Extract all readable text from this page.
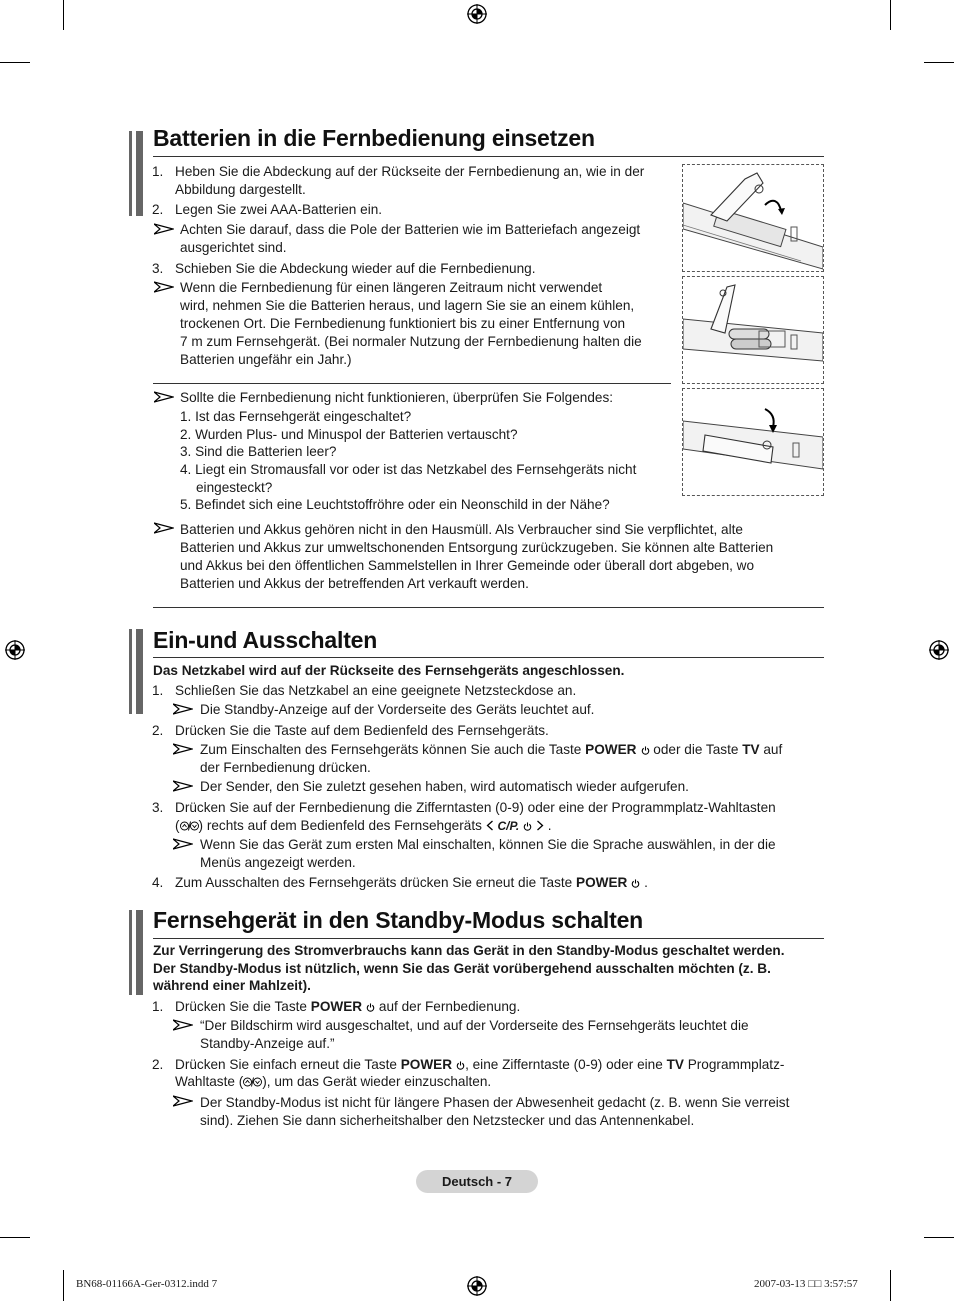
Batterien in die Fernbedienung einsetzen
1. Heben Sie die Abdeckung auf der Rückseite der Fernbedienung an, wie in der
Abbildung dargestellt.
2. Legen Sie zwei AAA-Batterien ein.
Achten Sie darauf, dass die Pole der Batterien wie im Batteriefach angezeigt
ausgerichtet sind.
3. Schieben Sie die Abdeckung wieder auf die Fernbedienung.
Wenn die Fernbedienung für einen längeren Zeitraum nicht verwendet
wird, nehmen Sie die Batterien heraus, und lagern Sie sie an einem kühlen,
trockenen Ort. Die Fernbedienung funktioniert bis zu einer Entfernung von
7 m zum Fernsehgerät. (Bei normaler Nutzung der Fernbedienung halten die
Batterien ungefähr ein Jahr.)
Sollte die Fernbedienung nicht funktionieren, überprüfen Sie Folgendes:
1. Ist das Fernsehgerät eingeschaltet?
2. Wurden Plus- und Minuspol der Batterien vertauscht?
3. Sind die Batterien leer?
4. Liegt ein Stromausfall vor oder ist das Netzkabel des Fernsehgeräts nicht
eingesteckt?
5. Befindet sich eine Leuchtstoffröhre oder ein Neonschild in der Nähe?
Batterien und Akkus gehören nicht in den Hausmüll. Als Verbraucher sind Sie verpflichtet, alte
Batterien und Akkus zur umweltschonenden Entsorgung zurückzugeben. Sie können alte Batterien
und Akkus bei den öffentlichen Sammelstellen in Ihrer Gemeinde oder überall dort abgeben, wo
Batterien und Akkus der betreffenden Art verkauft werden.
Ein-und Ausschalten
Das Netzkabel wird auf der Rückseite des Fernsehgeräts angeschlossen.
1. Schließen Sie das Netzkabel an eine geeignete Netzsteckdose an.
Die Standby-Anzeige auf der Vorderseite des Geräts leuchtet auf.
2. Drücken Sie die Taste auf dem Bedienfeld des Fernsehgeräts.
Zum Einschalten des Fernsehgeräts können Sie auch die Taste POWER oder die Taste TV auf
der Fernbedienung drücken.
Der Sender, den Sie zuletzt gesehen haben, wird automatisch wieder aufgerufen.
3. Drücken Sie auf der Fernbedienung die Zifferntasten (0-9) oder eine der Programmplatz-Wahltasten
( ) rechts auf dem Bedienfeld des Fernsehgeräts C/P.  .
Wenn Sie das Gerät zum ersten Mal einschalten, können Sie die Sprache auswählen, in der die
Menüs angezeigt werden.
4. Zum Ausschalten des Fernsehgeräts drücken Sie erneut die Taste POWER .
Fernsehgerät in den Standby-Modus schalten
Zur Verringerung des Stromverbrauchs kann das Gerät in den Standby-Modus geschaltet werden.
Der Standby-Modus ist nützlich, wenn Sie das Gerät vorübergehend ausschalten möchten (z. B.
während einer Mahlzeit).
1. Drücken Sie die Taste POWER auf der Fernbedienung.
“Der Bildschirm wird ausgeschaltet, und auf der Vorderseite des Fernsehgeräts leuchtet die
Standby-Anzeige auf.”
2. Drücken Sie einfach erneut die Taste POWER , eine Zifferntaste (0-9) oder eine TV Programmplatz-
Wahltaste ( ), um das Gerät wieder einzuschalten.
Der Standby-Modus ist nicht für längere Phasen der Abwesenheit gedacht (z. B. wenn Sie verreist
sind). Ziehen Sie dann sicherheitshalber den Netzstecker und das Antennenkabel.
Deutsch - 7
BN68-01166A-Ger-0312.indd 7	2007-03-13 □□ 3:57:57
